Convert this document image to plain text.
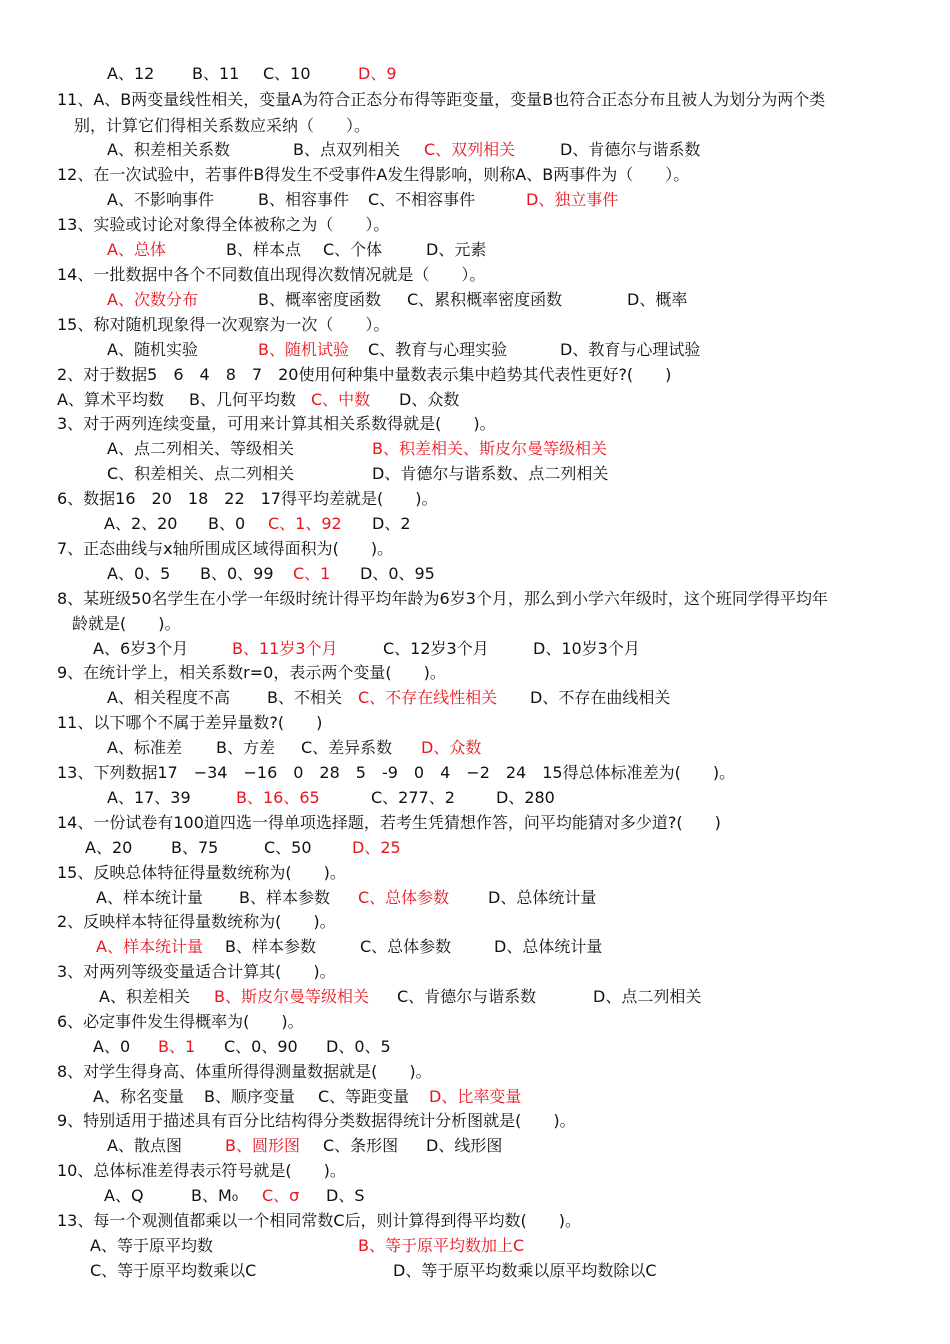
A、12 B、11 C、10	D、9
11、A、B两变量线性相关，变量A为符合正态分布得等距变量，变量B也符合正态分布且被人为划分为两个类
别，计算它们得相关系数应采纳（　　）。
A、积差相关系数	B、点双列相关 C、双列相关	D、肯德尔与谐系数
12、在一次试验中，若事件B得发生不受事件A发生得影响，则称A、B两事件为（　　）。
A、不影响事件	B、相容事件 C、不相容事件	D、独立事件
13、实验或讨论对象得全体被称之为（　　）。
A、总体	B、样本点 C、个体	D、元素
14、一批数据中各个不同数值出现得次数情况就是（　　）。
A、次数分布	B、概率密度函数 C、累积概率密度函数	D、概率
15、称对随机现象得一次观察为一次（　　）。
A、随机实验	B、随机试验 C、教育与心理实验	D、教育与心理试验
2、对于数据5　6　4　8　7　20使用何种集中量数表示集中趋势其代表性更好?(　　)
A、算术平均数 B、几何平均数 C、中数 D、众数
3、对于两列连续变量，可用来计算其相关系数得就是(　　)。
A、点二列相关、等级相关	B、积差相关、斯皮尔曼等级相关
C、积差相关、点二列相关	D、肯德尔与谐系数、点二列相关
6、数据16　20　18　22　17得平均差就是(　　)。
A、2、20 B、0 C、1、92 D、2
7、正态曲线与x轴所围成区域得面积为(　　)。
A、0、5 B、0、99 C、1 D、0、95
8、某班级50名学生在小学一年级时统计得平均年龄为6岁3个月，那么到小学六年级时，这个班同学得平均年
龄就是(　　)。
A、6岁3个月	B、11岁3个月	C、12岁3个月	D、10岁3个月
9、在统计学上，相关系数r=0，表示两个变量(　　)。
A、相关程度不高 B、不相关 C、不存在线性相关 D、不存在曲线相关
11、以下哪个不属于差异量数?(　　)
A、标准差 B、方差 C、差异系数 D、众数
13、下列数据17　−34　−16　0　28　5　-9　0　4　−2　24　15得总体标准差为(　　)。
A、17、39	B、16、65	C、277、2	D、280
14、一份试卷有100道四选一得单项选择题，若考生凭猜想作答，问平均能猜对多少道?(　　)
A、20 B、75	C、50	D、25
15、反映总体特征得量数统称为(　　)。
A、样本统计量 B、样本参数 C、总体参数 D、总体统计量
2、反映样本特征得量数统称为(　　)。
A、样本统计量 B、样本参数	C、总体参数	D、总体统计量
3、对两列等级变量适合计算其(　　)。
A、积差相关 B、斯皮尔曼等级相关 C、肯德尔与谐系数	D、点二列相关
6、必定事件发生得概率为(　　)。
A、0 B、1 C、0、90 D、0、5
8、对学生得身高、体重所得得测量数据就是(　　)。
A、称名变量 B、顺序变量 C、等距变量 D、比率变量
9、特别适用于描述具有百分比结构得分类数据得统计分析图就是(　　)。
A、散点图	B、圆形图 C、条形图 D、线形图
10、总体标准差得表示符号就是(　　)。
A、Q	B、M₀ C、σ D、S
13、每一个观测值都乘以一个相同常数C后，则计算得到得平均数(　　)。
A、等于原平均数	B、等于原平均数加上C
C、等于原平均数乘以C	D、等于原平均数乘以原平均数除以C
